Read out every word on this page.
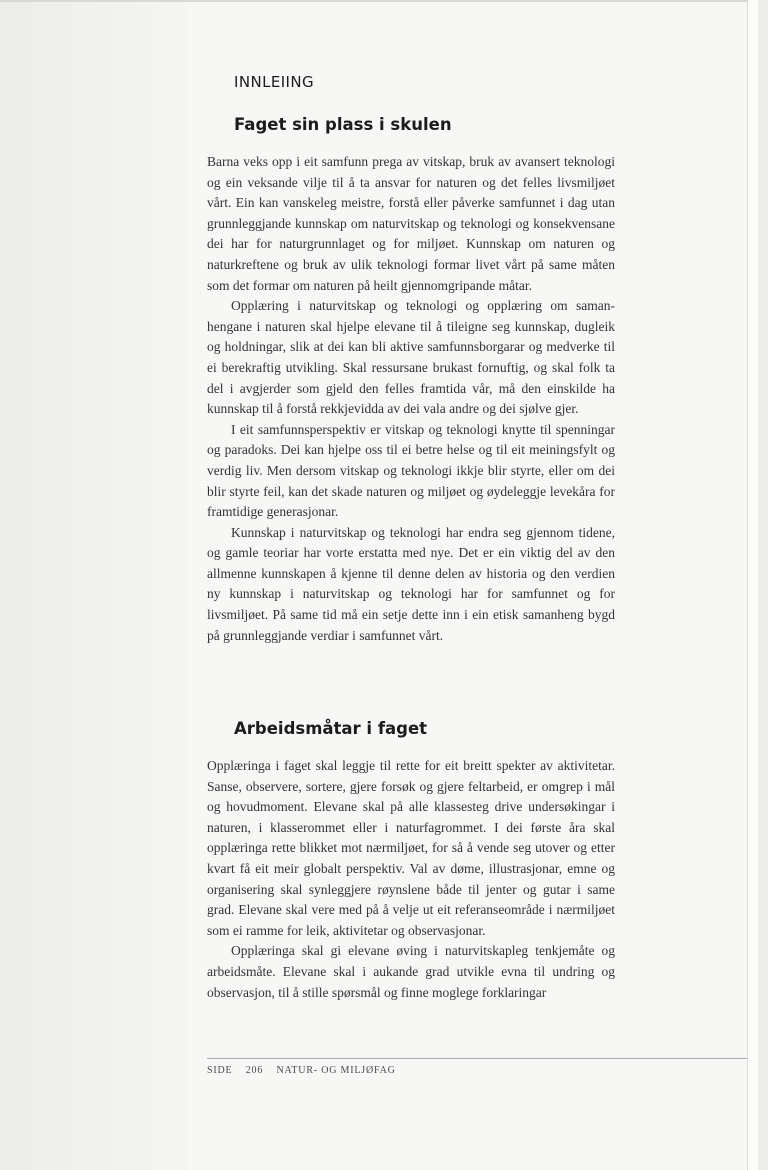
INNLEIING
Faget sin plass i skulen

Barna veks opp i eit samfunn prega av vitskap, bruk av avansert teknologi og ein veksande vilje til å ta ansvar for naturen og det felles livsmiljøet vårt. Ein kan vanskeleg meistre, forstå eller påverke samfunnet i dag utan grunnleggjande kunnskap om naturvitskap og teknologi og konsekvensane dei har for naturgrunnlaget og for miljøet. Kunnskap om naturen og naturkreftene og bruk av ulik teknologi formar livet vårt på same måten som det formar om naturen på heilt gjennomgripande måtar.

Opplæring i naturvitskap og teknologi og opplæring om samanhengane i naturen skal hjelpe elevane til å tileigne seg kunnskap, dugleik og holdningar, slik at dei kan bli aktive samfunnsborgarar og medverke til ei berekraftig utvikling. Skal ressursane brukast fornuftig, og skal folk ta del i avgjerder som gjeld den felles framtida vår, må den einskilde ha kunnskap til å forstå rekkjevidda av dei vala andre og dei sjølve gjer.

I eit samfunnsperspektiv er vitskap og teknologi knytte til spenningar og paradoks. Dei kan hjelpe oss til ei betre helse og til eit meiningsfylt og verdig liv. Men dersom vitskap og teknologi ikkje blir styrte, eller om dei blir styrte feil, kan det skade naturen og miljøet og øydeleggje levekåra for framtidige generasjonar.

Kunnskap i naturvitskap og teknologi har endra seg gjennom tidene, og gamle teoriar har vorte erstatta med nye. Det er ein viktig del av den allmenne kunnskapen å kjenne til denne delen av historia og den verdien ny kunnskap i naturvitskap og teknologi har for samfunnet og for livsmiljøet. På same tid må ein setje dette inn i ein etisk samanheng bygd på grunnleggjande verdiar i samfunnet vårt.

Arbeidsmåtar i faget

Opplæringa i faget skal leggje til rette for eit breitt spekter av aktivitetar. Sanse, observere, sortere, gjere forsøk og gjere feltarbeid, er omgrep i mål og hovudmoment. Elevane skal på alle klassesteg drive undersøkingar i naturen, i klasserommet eller i naturfagrommet. I dei første åra skal opplæringa rette blikket mot nærmiljøet, for så å vende seg utover og etter kvart få eit meir globalt perspektiv. Val av døme, illustrasjonar, emne og organisering skal synleggjere røynslene både til jenter og gutar i same grad. Elevane skal vere med på å velje ut eit referanseområde i nærmiljøet som ei ramme for leik, aktivitetar og observasjonar.

Opplæringa skal gi elevane øving i naturvitskapleg tenkjemåte og arbeidsmåte. Elevane skal i aukande grad utvikle evna til undring og observasjon, til å stille spørsmål og finne moglege forklaringar

SIDE 206 NATUR- OG MILJØFAG
